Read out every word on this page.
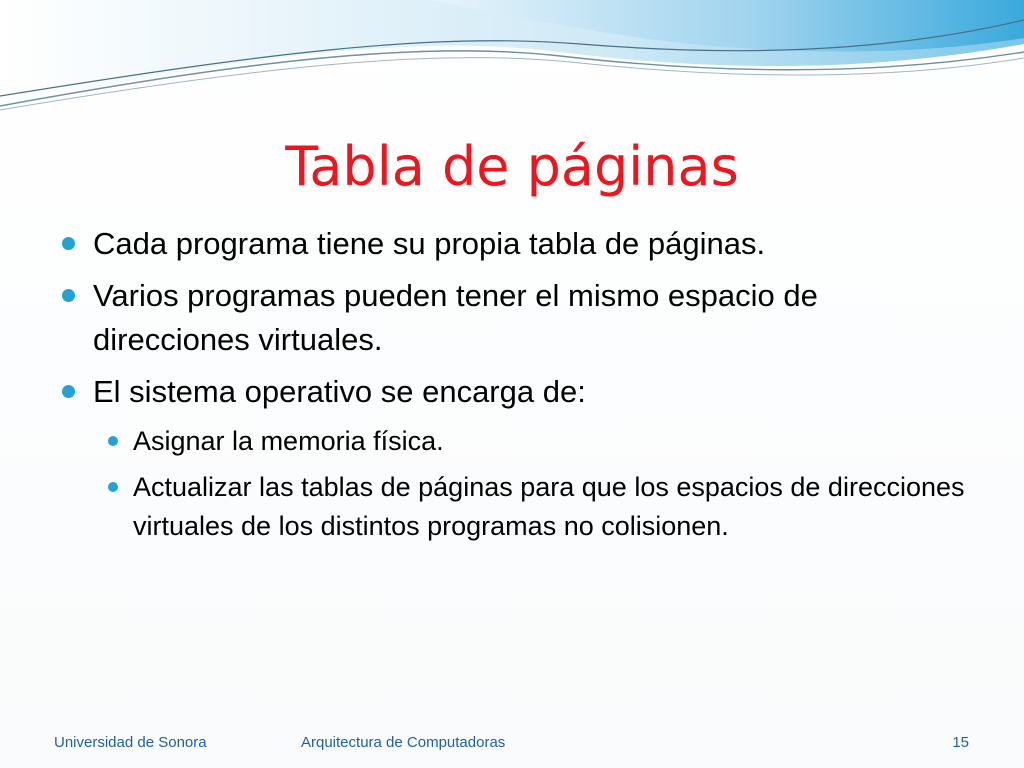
Tabla de páginas
Cada programa tiene su propia tabla de páginas.
Varios programas pueden tener el mismo espacio de direcciones virtuales.
El sistema operativo se encarga de:
Asignar la memoria física.
Actualizar las tablas de páginas para que los espacios de direcciones virtuales de los distintos programas no colisionen.
Universidad de Sonora	Arquitectura de Computadoras	15
